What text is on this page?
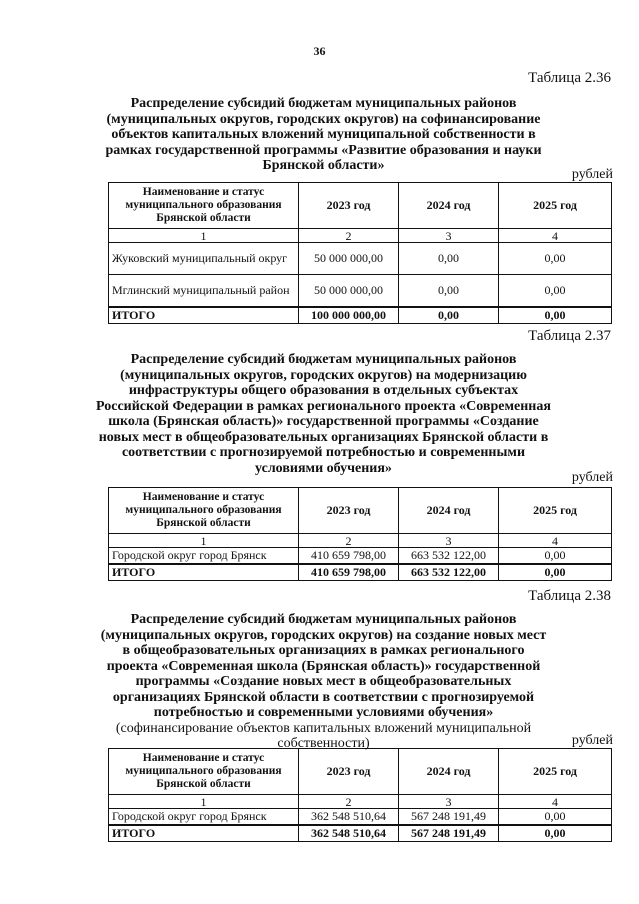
36
Таблица 2.36
Распределение субсидий бюджетам муниципальных районов (муниципальных округов, городских округов) на софинансирование объектов капитальных вложений муниципальной собственности в рамках государственной программы «Развитие образования и науки Брянской области»
рублей
Наименование и статус муниципального образования Брянской области	2023 год	2024 год	2025 год
1	2	3	4
Жуковский муниципальный округ	50 000 000,00	0,00	0,00
Мглинский муниципальный район	50 000 000,00	0,00	0,00
ИТОГО	100 000 000,00	0,00	0,00
Таблица 2.37
Распределение субсидий бюджетам муниципальных районов (муниципальных округов, городских округов) на модернизацию инфраструктуры общего образования в отдельных субъектах Российской Федерации в рамках регионального проекта «Современная школа (Брянская область)» государственной программы «Создание новых мест в общеобразовательных организациях Брянской области в соответствии с прогнозируемой потребностью и современными условиями обучения»
рублей
Наименование и статус муниципального образования Брянской области	2023 год	2024 год	2025 год
1	2	3	4
Городской округ город Брянск	410 659 798,00	663 532 122,00	0,00
ИТОГО	410 659 798,00	663 532 122,00	0,00
Таблица 2.38
Распределение субсидий бюджетам муниципальных районов (муниципальных округов, городских округов) на создание новых мест в общеобразовательных организациях в рамках регионального проекта «Современная школа (Брянская область)» государственной программы «Создание новых мест в общеобразовательных организациях Брянской области в соответствии с прогнозируемой потребностью и современными условиями обучения» (софинансирование объектов капитальных вложений муниципальной собственности)	рублей
Наименование и статус муниципального образования Брянской области	2023 год	2024 год	2025 год
1	2	3	4
Городской округ город Брянск	362 548 510,64	567 248 191,49	0,00
ИТОГО	362 548 510,64	567 248 191,49	0,00
